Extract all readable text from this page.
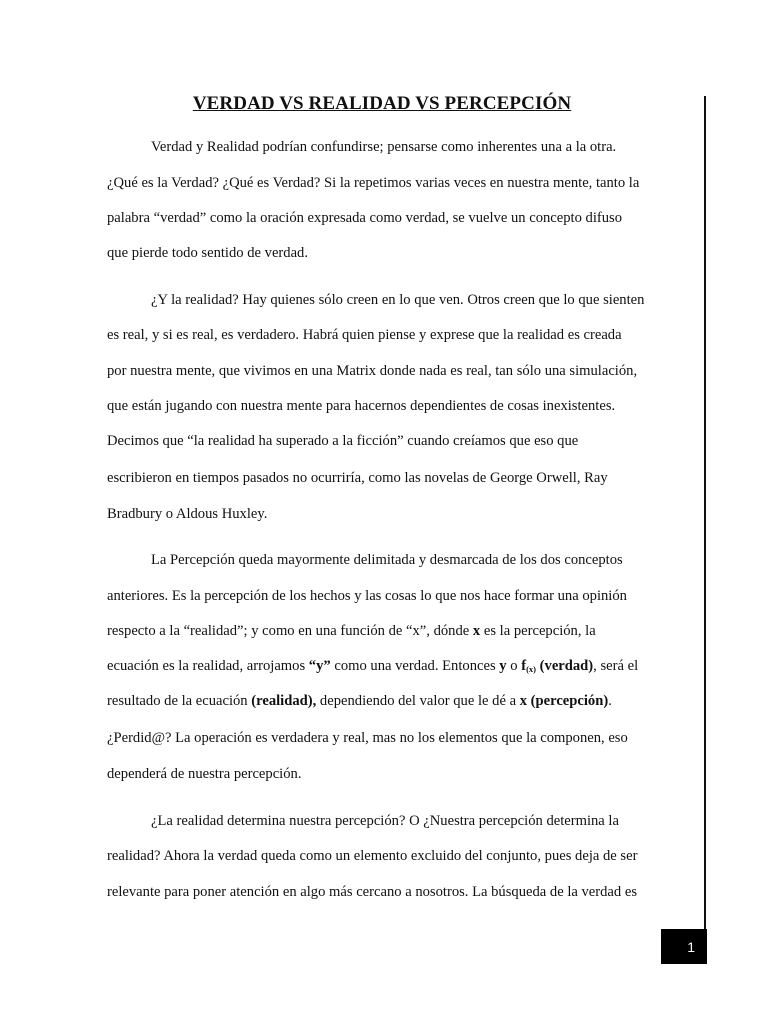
VERDAD VS REALIDAD VS PERCEPCIÓN

Verdad y Realidad podrían confundirse; pensarse como inherentes una a la otra.

¿Qué es la Verdad? ¿Qué es Verdad? Si la repetimos varias veces en nuestra mente, tanto la

palabra “verdad” como la oración expresada como verdad, se vuelve un concepto difuso

que pierde todo sentido de verdad.

¿Y la realidad? Hay quienes sólo creen en lo que ven. Otros creen que lo que sienten

es real, y si es real, es verdadero. Habrá quien piense y exprese que la realidad es creada

por nuestra mente, que vivimos en una Matrix donde nada es real, tan sólo una simulación,

que están jugando con nuestra mente para hacernos dependientes de cosas inexistentes.

Decimos que “la realidad ha superado a la ficción” cuando creíamos que eso que

escribieron en tiempos pasados no ocurriría, como las novelas de George Orwell, Ray

Bradbury o Aldous Huxley.

La Percepción queda mayormente delimitada y desmarcada de los dos conceptos

anteriores. Es la percepción de los hechos y las cosas lo que nos hace formar una opinión

respecto a la “realidad”; y como en una función de “x”, dónde x es la percepción, la

ecuación es la realidad, arrojamos “y” como una verdad. Entonces y o $f_{(x)}$ (verdad), será el

resultado de la ecuación (realidad), dependiendo del valor que le dé a x (percepción).

¿Perdid@? La operación es verdadera y real, mas no los elementos que la componen, eso

dependerá de nuestra percepción.

¿La realidad determina nuestra percepción? O ¿Nuestra percepción determina la

realidad? Ahora la verdad queda como un elemento excluido del conjunto, pues deja de ser

relevante para poner atención en algo más cercano a nosotros. La búsqueda de la verdad es

1
